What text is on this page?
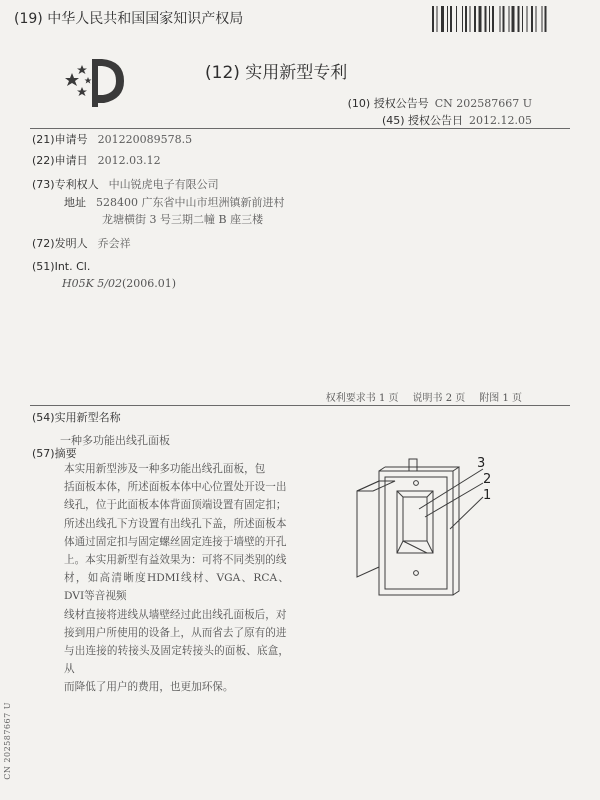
(19) 中华人民共和国国家知识产权局
(12) 实用新型专利
(10) 授权公告号 CN 202587667 U
(45) 授权公告日 2012.12.05
(21)申请号 201220089578.5
(22)申请日 2012.03.12
(73)专利权人 中山锐虎电子有限公司
地址 528400 广东省中山市坦洲镇新前进村
龙塘横街 3 号三期二幢 B 座三楼
(72)发明人 乔会祥
(51)Int. Cl.
H05K 5/02(2006.01)
权利要求书 1 页 说明书 2 页 附图 1 页
(54)实用新型名称
一种多功能出线孔面板
(57)摘要
本实用新型涉及一种多功能出线孔面板，包
括面板本体，所述面板本体中心位置处开设一出
线孔，位于此面板本体背面顶端设置有固定扣；
所述出线孔下方设置有出线孔下盖，所述面板本
体通过固定扣与固定螺丝固定连接于墙壁的开孔
上。本实用新型有益效果为：可将不同类别的线
材，如高清晰度HDMI线材、VGA、RCA、DVI等音视频
线材直接将进线从墙壁经过此出线孔面板后，对
接到用户所使用的设备上，从而省去了原有的进
与出连接的转接头及固定转接头的面板、底盒，从
而降低了用户的费用，也更加环保。
3
2
1
CN 202587667 U
